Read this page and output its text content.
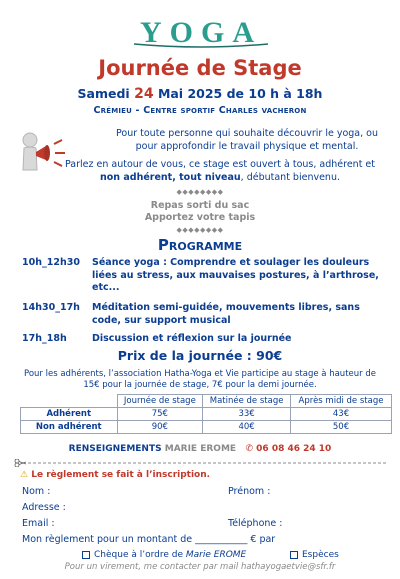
YOGA
Journée de Stage
Samedi 24 Mai 2025 de 10 h à 18h
Crémieu - Centre sportif Charles vacheron
Pour toute personne qui souhaite découvrir le yoga, ou pour approfondir le travail physique et mental.
Parlez en autour de vous, ce stage est ouvert à tous, adhérent et non adhérent, tout niveau, débutant bienvenu.
◆◆◆◆◆◆◆◆
Repas sorti du sac
Apportez votre tapis
◆◆◆◆◆◆◆◆
Programme
10h_12h30	Séance yoga : Comprendre et soulager les douleurs liées au stress, aux mauvaises postures, à l’arthrose, etc...
14h30_17h	Méditation semi-guidée, mouvements libres, sans code, sur support musical
17h_18h	Discussion et réflexion sur la journée
Prix de la journée : 90€
Pour les adhérents, l’association Hatha-Yoga et Vie participe au stage à hauteur de 15€ pour la journée de stage, 7€ pour la demi journée.
	Journée de stage	Matinée de stage	Après midi de stage
Adhérent	75€	33€	43€
Non adhérent	90€	40€	50€
RENSEIGNEMENTS MARIE EROME ✆ 06 08 46 24 10
⚠ Le règlement se fait à l’inscription.
Nom :	Prénom :
Adresse :
Email :	Téléphone :
Mon règlement pour un montant de ___________ € par
Chèque à l’ordre de Marie EROME	Espèces
Pour un virement, me contacter par mail hathayogaetvie@sfr.fr
